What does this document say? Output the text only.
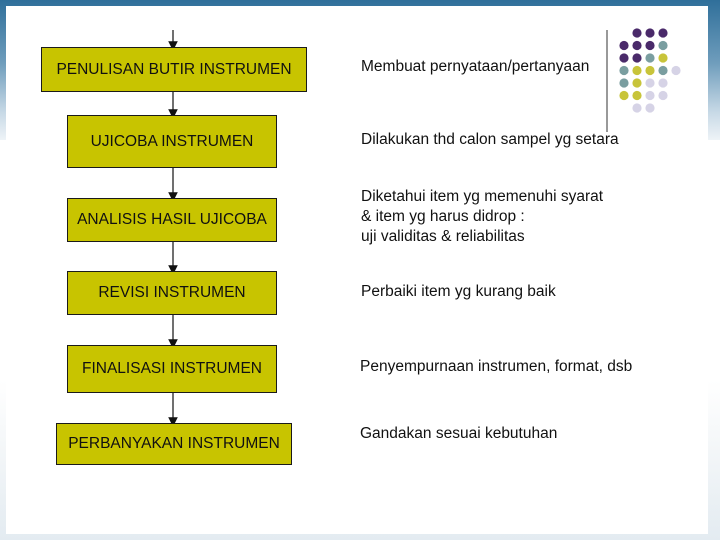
PENULISAN BUTIR INSTRUMEN
UJICOBA INSTRUMEN
ANALISIS HASIL UJICOBA
REVISI INSTRUMEN
FINALISASI INSTRUMEN
PERBANYAKAN INSTRUMEN
Membuat pernyataan/pertanyaan
Dilakukan thd calon sampel yg setara
Diketahui item yg memenuhi syarat
& item yg harus didrop :
uji validitas & reliabilitas
Perbaiki item yg kurang baik
Penyempurnaan instrumen, format, dsb
Gandakan sesuai kebutuhan
